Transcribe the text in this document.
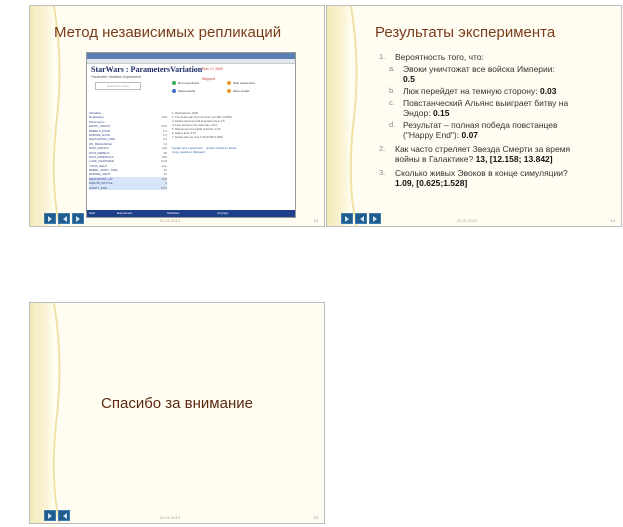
Метод независимых репликаций
StarWars : ParametersVariation
Parameter Variation Experiment
Run: 0 / 2000
Stopped
Search by name
Variables
Replication	100
Parameters
EWOK_SHOOT	0.05
REBELS_RATE	1.0
EMPIRE_RATE	1.0
DEATHSTAR_FIRE	0.2
DS_RECHARGE	14
NUM_EWOKS	100
NUM_REBELS	50
NUM_IMPERIALS	200
LUKE_DARKSIDE	0.03
YODA_HELP	true
REBEL_ARMY_SIZE	10
EMPIRE_ARMY	20
DEATHSTAR_HP	100
ENDOR_BATTLE	1
HAPPY_END	0.07
Run experiment	Stop experiment
Show results	Save results
1. Replications: 2000
2. The death star fired 13 times (12.158; 13.842)
3. Ewoks destroyed all Imperial forces: 0.5
4. Luke turned to the dark side: 0.03
5. Rebels won the battle of Endor: 0.15
6. Happy End: 0.07
7. Ewoks alive at end: 1.09 [0.625;1.528]
Create new experiment Export results to Excel
Copy results to clipboard
Start	Experiment	StarWars	Anylogic
02.21.2013	13
Результаты эксперимента
1. Вероятность того, что:
a. Эвоки уничтожат все войска Империи:
0.5
b. Люк перейдет на темную сторону: 0.03
c. Повстанческий Альянс выиграет битву на
Эндор: 0.15
d. Результат – полная победа повстанцев
("Happy End"): 0.07
2. Как часто стреляет Звезда Смерти за время
войны в Галактике? 13, [12.158; 13.842]
3. Сколько живых Эвоков в конце симуляции?
1.09, [0.625;1.528]
02.21.2013	14
Спасибо за внимание
02.21.2013	15
